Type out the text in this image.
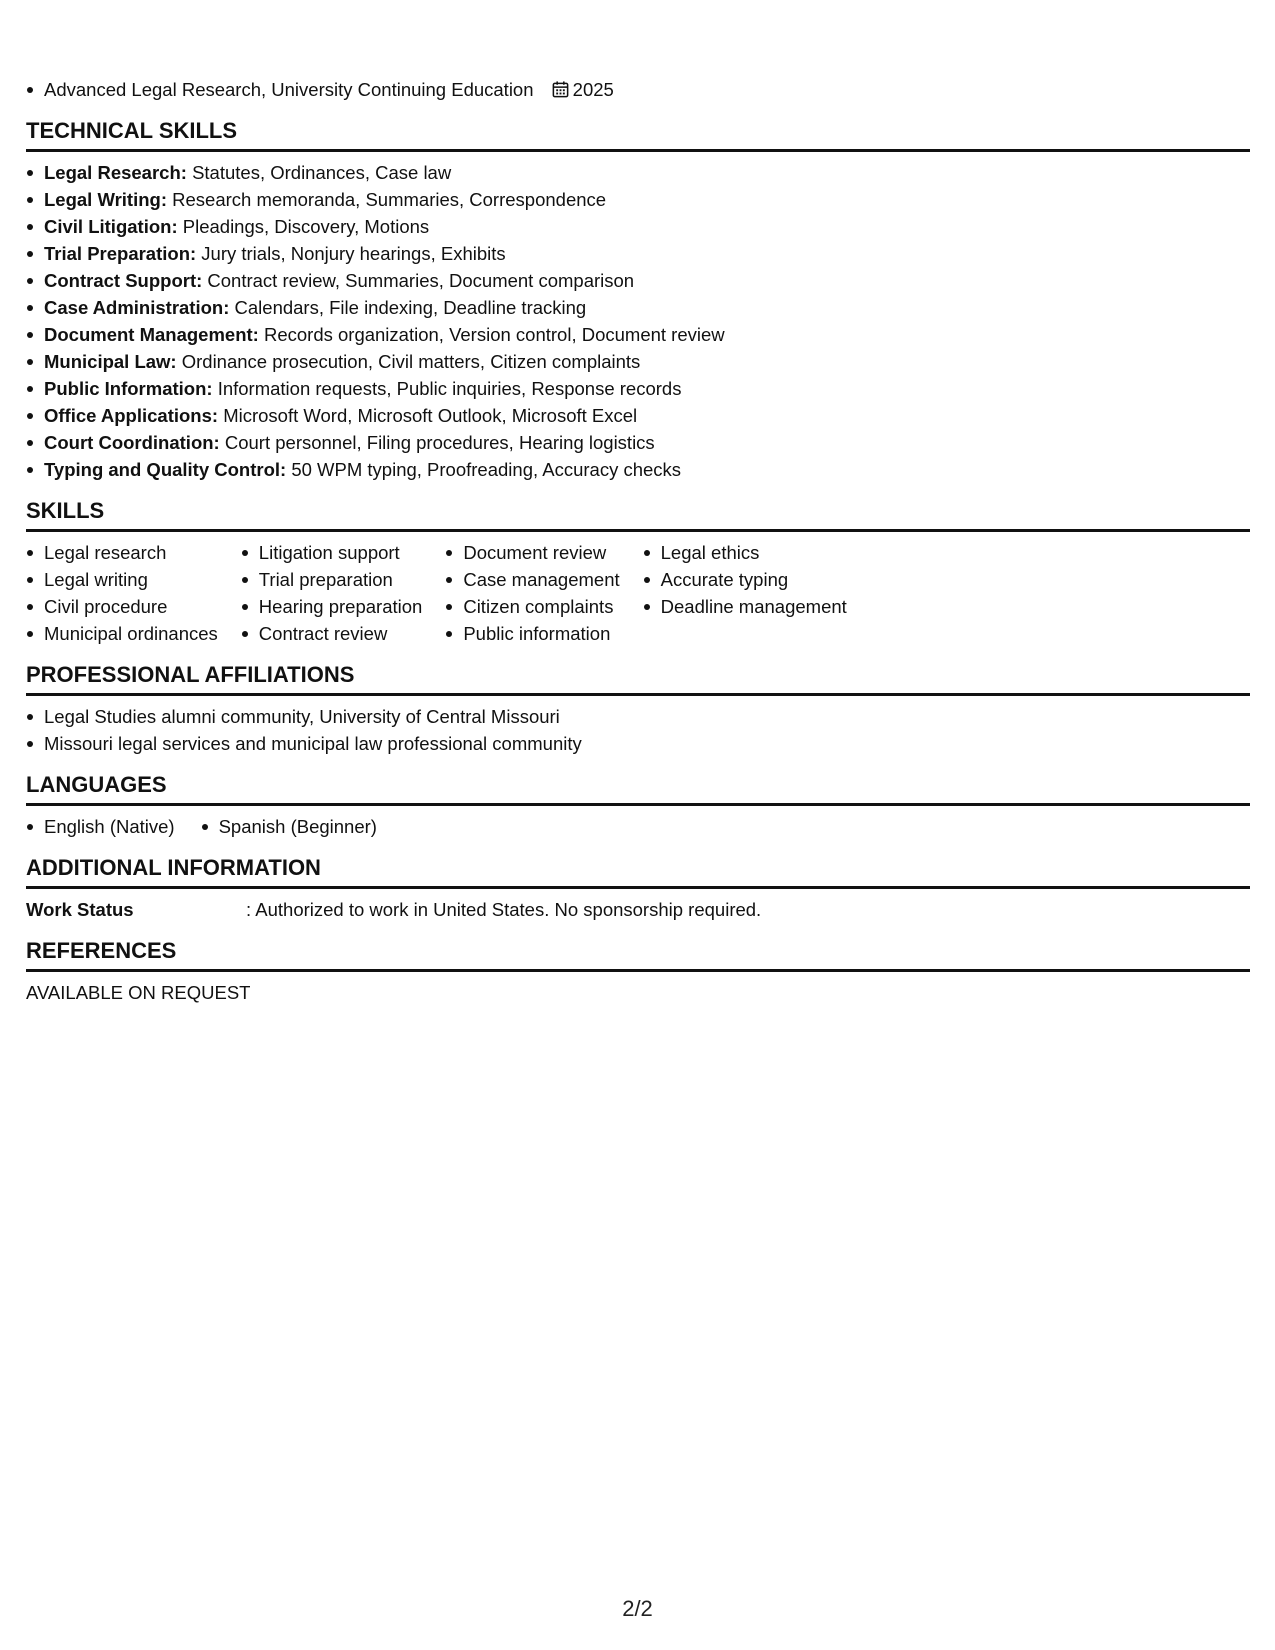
Advanced Legal Research, University Continuing Education 2025
TECHNICAL SKILLS
Legal Research: Statutes, Ordinances, Case law
Legal Writing: Research memoranda, Summaries, Correspondence
Civil Litigation: Pleadings, Discovery, Motions
Trial Preparation: Jury trials, Nonjury hearings, Exhibits
Contract Support: Contract review, Summaries, Document comparison
Case Administration: Calendars, File indexing, Deadline tracking
Document Management: Records organization, Version control, Document review
Municipal Law: Ordinance prosecution, Civil matters, Citizen complaints
Public Information: Information requests, Public inquiries, Response records
Office Applications: Microsoft Word, Microsoft Outlook, Microsoft Excel
Court Coordination: Court personnel, Filing procedures, Hearing logistics
Typing and Quality Control: 50 WPM typing, Proofreading, Accuracy checks
SKILLS
Legal research
Legal writing
Civil procedure
Municipal ordinances
Litigation support
Trial preparation
Hearing preparation
Contract review
Document review
Case management
Citizen complaints
Public information
Legal ethics
Accurate typing
Deadline management
PROFESSIONAL AFFILIATIONS
Legal Studies alumni community, University of Central Missouri
Missouri legal services and municipal law professional community
LANGUAGES
English (Native)	Spanish (Beginner)
ADDITIONAL INFORMATION
Work Status	: Authorized to work in United States. No sponsorship required.
REFERENCES
AVAILABLE ON REQUEST
2/2
